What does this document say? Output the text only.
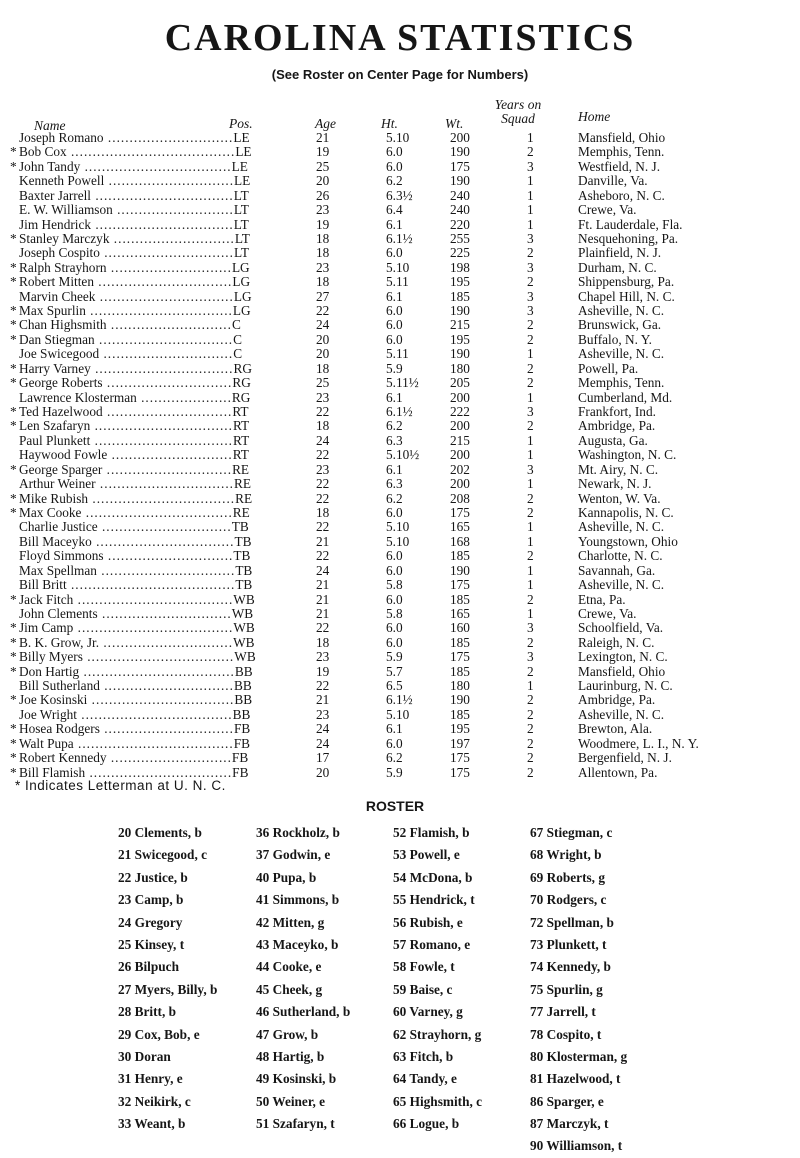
CAROLINA STATISTICS
(See Roster on Center Page for Numbers)
Name	Pos.	Age	Ht.	Wt.
Years on
Squad	Home
Joseph Romano .............................LE	21	5.10	200	1	Mansfield, Ohio
* Bob Cox ......................................LE	19	6.0	190	2	Memphis, Tenn.
* John Tandy ..................................LE	25	6.0	175	3	Westfield, N. J.
Kenneth Powell .............................LE	20	6.2	190	1	Danville, Va.
Baxter Jarrell ................................LT	26	6.3½	240	1	Asheboro, N. C.
E. W. Williamson ...........................LT	23	6.4	240	1	Crewe, Va.
Jim Hendrick ................................LT	19	6.1	220	1	Ft. Lauderdale, Fla.
* Stanley Marczyk ............................LT	18	6.1½	255	3	Nesquehoning, Pa.
Joseph Cospito ..............................LT	18	6.0	225	2	Plainfield, N. J.
* Ralph Strayhorn ............................LG	23	5.10	198	3	Durham, N. C.
* Robert Mitten ...............................LG	18	5.11	195	2	Shippensburg, Pa.
Marvin Cheek ...............................LG	27	6.1	185	3	Chapel Hill, N. C.
* Max Spurlin .................................LG	22	6.0	190	3	Asheville, N. C.
* Chan Highsmith ............................C	24	6.0	215	2	Brunswick, Ga.
* Dan Stiegman ...............................C	20	6.0	195	2	Buffalo, N. Y.
Joe Swicegood ..............................C	20	5.11	190	1	Asheville, N. C.
* Harry Varney ................................RG	18	5.9	180	2	Powell, Pa.
* George Roberts .............................RG	25	5.11½ 205	2	Memphis, Tenn.
Lawrence Klosterman .....................RG	23	6.1	200	1	Cumberland, Md.
* Ted Hazelwood .............................RT	22	6.1½	222	3	Frankfort, Ind.
* Len Szafaryn ................................RT	18	6.2	200	2	Ambridge, Pa.
Paul Plunkett ................................RT	24	6.3	215	1	Augusta, Ga.
Haywood Fowle ............................RT	22	5.10½ 200	1	Washington, N. C.
* George Sparger .............................RE	23	6.1	202	3	Mt. Airy, N. C.
Arthur Weiner ...............................RE	22	6.3	200	1	Newark, N. J.
* Mike Rubish .................................RE	22	6.2	208	2	Wenton, W. Va.
* Max Cooke ..................................RE	18	6.0	175	2	Kannapolis, N. C.
Charlie Justice ..............................TB	22	5.10	165	1	Asheville, N. C.
Bill Maceyko ................................TB	21	5.10	168	1	Youngstown, Ohio
Floyd Simmons .............................TB	22	6.0	185	2	Charlotte, N. C.
Max Spellman ...............................TB	24	6.0	190	1	Savannah, Ga.
Bill Britt ......................................TB	21	5.8	175	1	Asheville, N. C.
* Jack Fitch ....................................WB	21	6.0	185	2	Etna, Pa.
John Clements ..............................WB	21	5.8	165	1	Crewe, Va.
* Jim Camp ....................................WB	22	6.0	160	3	Schoolfield, Va.
* B. K. Grow, Jr. ..............................WB	18	6.0	185	2	Raleigh, N. C.
* Billy Myers ..................................WB	23	5.9	175	3	Lexington, N. C.
* Don Hartig ...................................BB	19	5.7	185	2	Mansfield, Ohio
Bill Sutherland ..............................BB	22	6.5	180	1	Laurinburg, N. C.
* Joe Kosinski .................................BB	21	6.1½	190	2	Ambridge, Pa.
Joe Wright ...................................BB	23	5.10	185	2	Asheville, N. C.
* Hosea Rodgers ..............................FB	24	6.1	195	2	Brewton, Ala.
* Walt Pupa ....................................FB	24	6.0	197	2	Woodmere, L. I., N. Y.
* Robert Kennedy ............................FB	17	6.2	175	2	Bergenfield, N. J.
* Bill Flamish .................................FB	20	5.9	175	2	Allentown, Pa.
* Indicates Letterman at U. N. C.
ROSTER
20 Clements, b
21 Swicegood, c
22 Justice, b
23 Camp, b
24 Gregory
25 Kinsey, t
26 Bilpuch
27 Myers, Billy, b
28 Britt, b
29 Cox, Bob, e
30 Doran
31 Henry, e
32 Neikirk, c
33 Weant, b
36 Rockholz, b
37 Godwin, e
40 Pupa, b
41 Simmons, b
42 Mitten, g
43 Maceyko, b
44 Cooke, e
45 Cheek, g
46 Sutherland, b
47 Grow, b
48 Hartig, b
49 Kosinski, b
50 Weiner, e
51 Szafaryn, t
52 Flamish, b
53 Powell, e
54 McDona, b
55 Hendrick, t
56 Rubish, e
57 Romano, e
58 Fowle, t
59 Baise, c
60 Varney, g
62 Strayhorn, g
63 Fitch, b
64 Tandy, e
65 Highsmith, c
66 Logue, b
67 Stiegman, c
68 Wright, b
69 Roberts, g
70 Rodgers, c
72 Spellman, b
73 Plunkett, t
74 Kennedy, b
75 Spurlin, g
77 Jarrell, t
78 Cospito, t
80 Klosterman, g
81 Hazelwood, t
86 Sparger, e
87 Marczyk, t
90 Williamson, t
